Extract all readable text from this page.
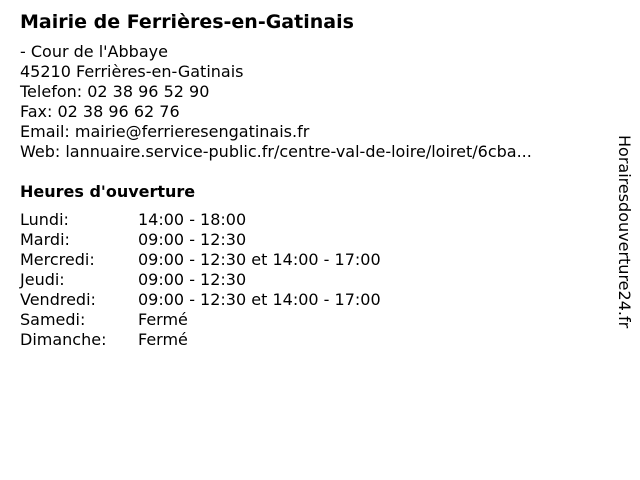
Mairie de Ferrières-en-Gatinais
- Cour de l'Abbaye
45210 Ferrières-en-Gatinais
Telefon: 02 38 96 52 90
Fax: 02 38 96 62 76
Email: mairie@ferrieresengatinais.fr
Web: lannuaire.service-public.fr/centre-val-de-loire/loiret/6cba...
Heures d'ouverture
Lundi:	14:00 - 18:00
Mardi:	09:00 - 12:30
Mercredi:	09:00 - 12:30 et 14:00 - 17:00
Jeudi:	09:00 - 12:30
Vendredi:	09:00 - 12:30 et 14:00 - 17:00
Samedi:	Fermé
Dimanche:	Fermé
Horairesdouverture24.fr
